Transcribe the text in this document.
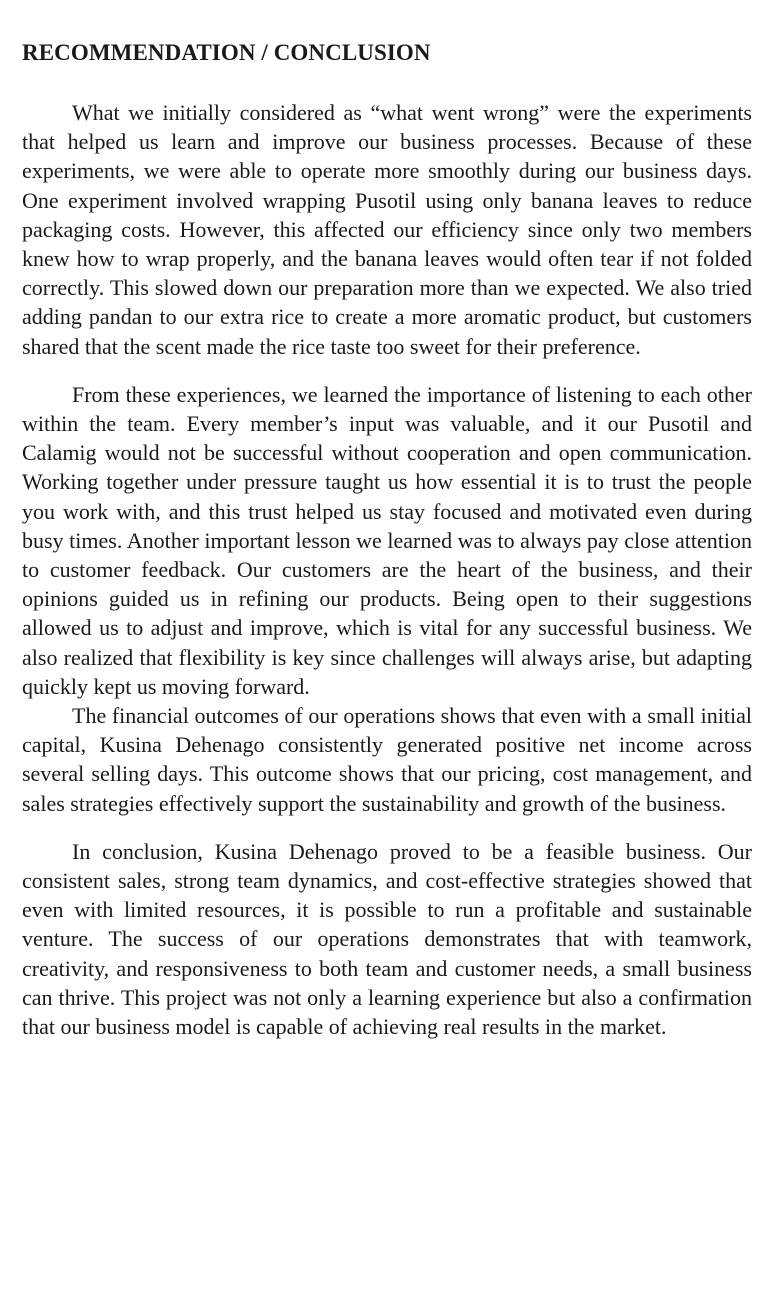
RECOMMENDATION / CONCLUSION

What we initially considered as “what went wrong” were the experiments that helped us learn and improve our business processes. Because of these experiments, we were able to operate more smoothly during our business days. One experiment involved wrapping Pusotil using only banana leaves to reduce packaging costs. However, this affected our efficiency since only two members knew how to wrap properly, and the banana leaves would often tear if not folded correctly. This slowed down our preparation more than we expected. We also tried adding pandan to our extra rice to create a more aromatic product, but customers shared that the scent made the rice taste too sweet for their preference.

From these experiences, we learned the importance of listening to each other within the team. Every member’s input was valuable, and it our Pusotil and Calamig would not be successful without cooperation and open communication. Working together under pressure taught us how essential it is to trust the people you work with, and this trust helped us stay focused and motivated even during busy times. Another important lesson we learned was to always pay close attention to customer feedback. Our customers are the heart of the business, and their opinions guided us in refining our products. Being open to their suggestions allowed us to adjust and improve, which is vital for any successful business. We also realized that flexibility is key since challenges will always arise, but adapting quickly kept us moving forward.

The financial outcomes of our operations shows that even with a small initial capital, Kusina Dehenago consistently generated positive net income across several selling days. This outcome shows that our pricing, cost management, and sales strategies effectively support the sustainability and growth of the business.

In conclusion, Kusina Dehenago proved to be a feasible business. Our consistent sales, strong team dynamics, and cost-effective strategies showed that even with limited resources, it is possible to run a profitable and sustainable venture. The success of our operations demonstrates that with teamwork, creativity, and responsiveness to both team and customer needs, a small business can thrive. This project was not only a learning experience but also a confirmation that our business model is capable of achieving real results in the market.
